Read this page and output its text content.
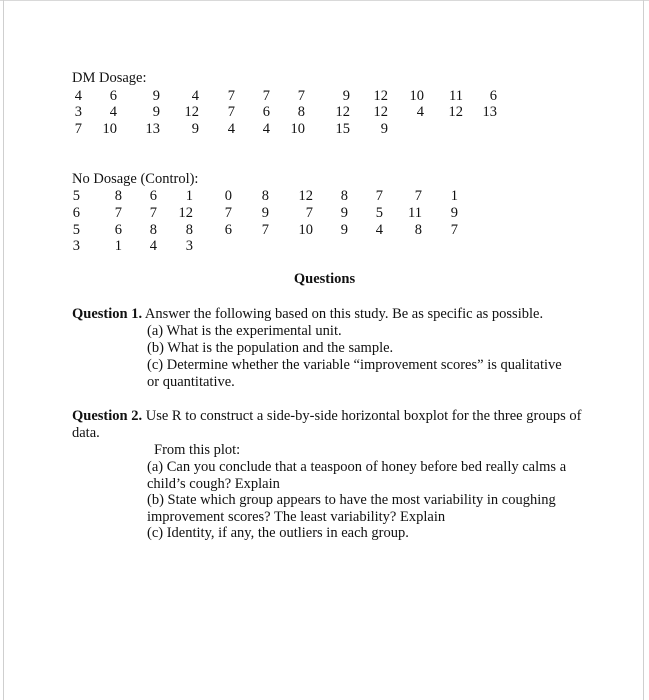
DM Dosage:
4 6 9 4 7 7 7	9 12 10 11 6
3 4 9 12 7 6 8 12 12 4 12 13
7 10 13 9 4 4 10 15 9
No Dosage (Control):
5 8 6 1 0 8 12 8 7 7 1
6 7 7 12 7 9	7 9 5 11 9
5 6 8 8 6 7 10 9 4 8 7
3 1 4 3
Questions
Question 1. Answer the following based on this study. Be as specific as possible.
(a) What is the experimental unit.
(b) What is the population and the sample.
(c) Determine whether the variable “improvement scores” is qualitative or quantitative.
Question 2. Use R to construct a side-by-side horizontal boxplot for the three groups of data.
From this plot:
(a) Can you conclude that a teaspoon of honey before bed really calms a child’s cough? Explain
(b) State which group appears to have the most variability in coughing improvement scores? The least variability? Explain
(c) Identity, if any, the outliers in each group.
